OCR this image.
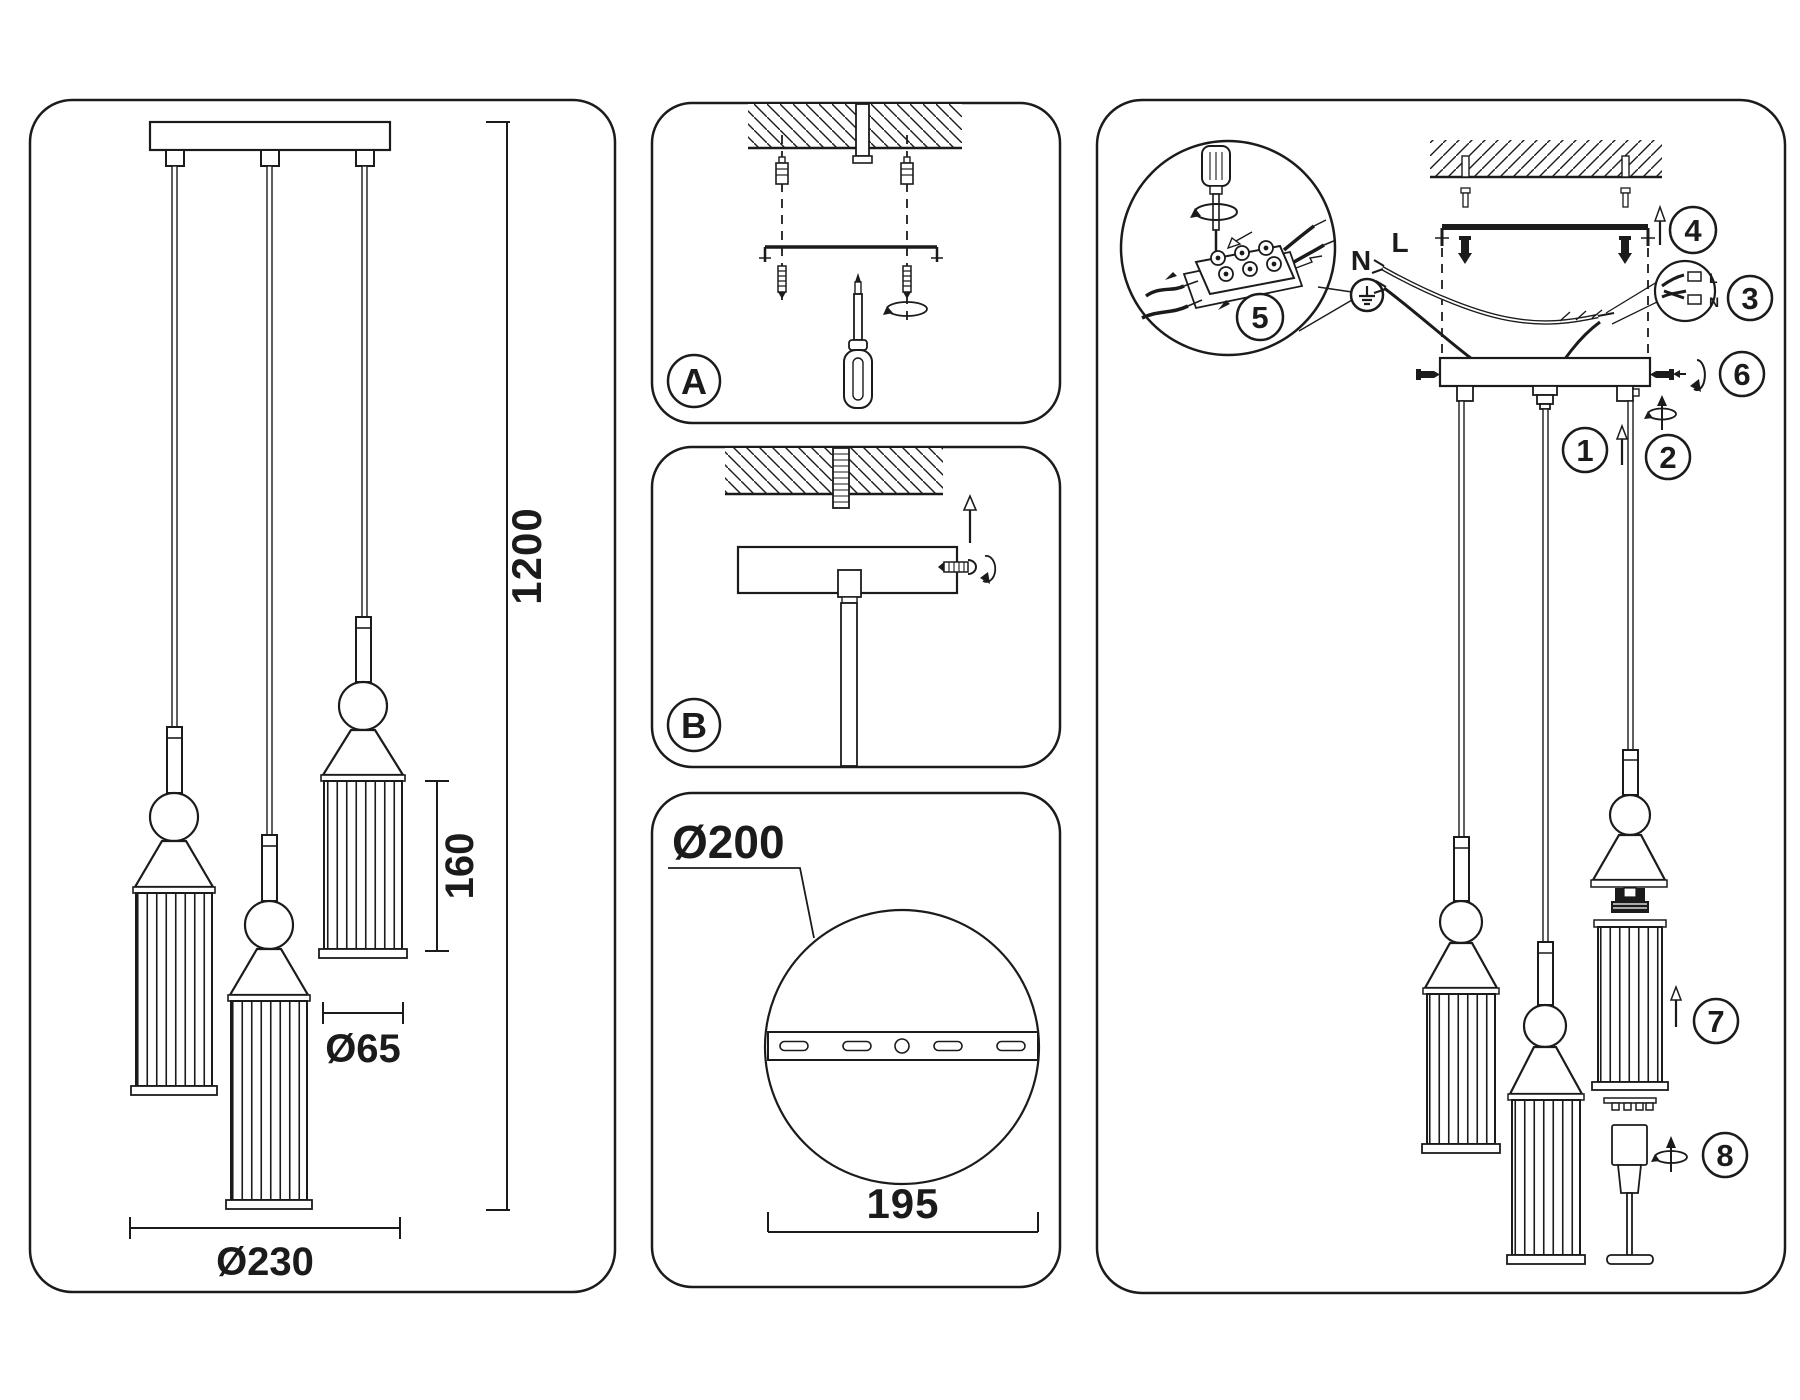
1200
160
Ø65
Ø230
A
B
Ø200
195
4
5
N
L
L
N 3
6
1 2
7
8
